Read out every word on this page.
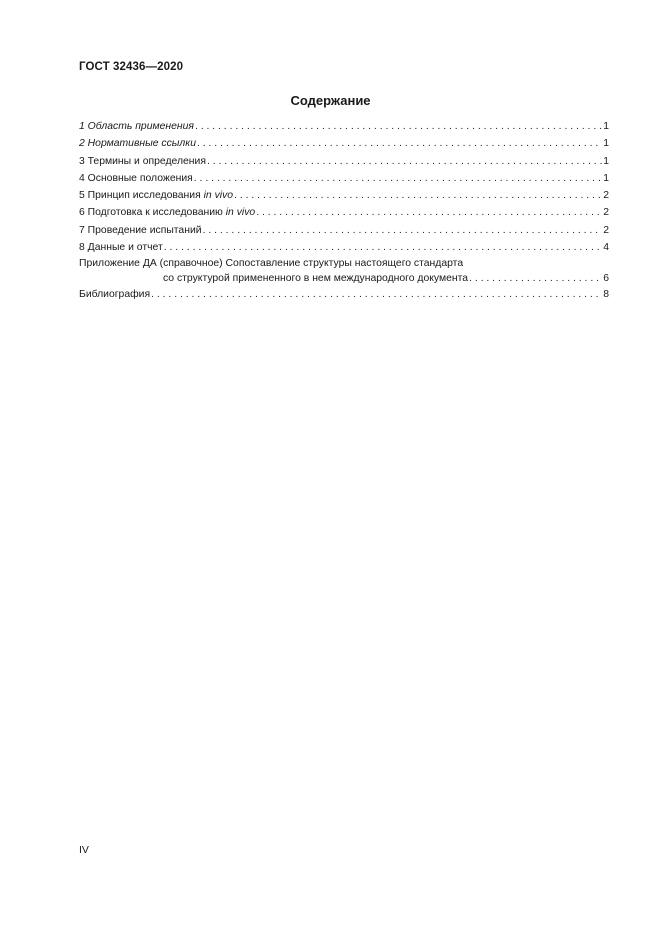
ГОСТ 32436—2020
Содержание
1 Область применения . . .	1
2 Нормативные ссылки . . .	1
3 Термины и определения . . .	1
4 Основные положения . . .	1
5 Принцип исследования in vivo . . .	2
6 Подготовка к исследованию in vivo . . .	2
7 Проведение испытаний . . .	2
8 Данные и отчет . . .	4
Приложение ДА (справочное) Сопоставление структуры настоящего стандарта
со структурой примененного в нем международного документа . . .	6
Библиография . . .	8
IV
